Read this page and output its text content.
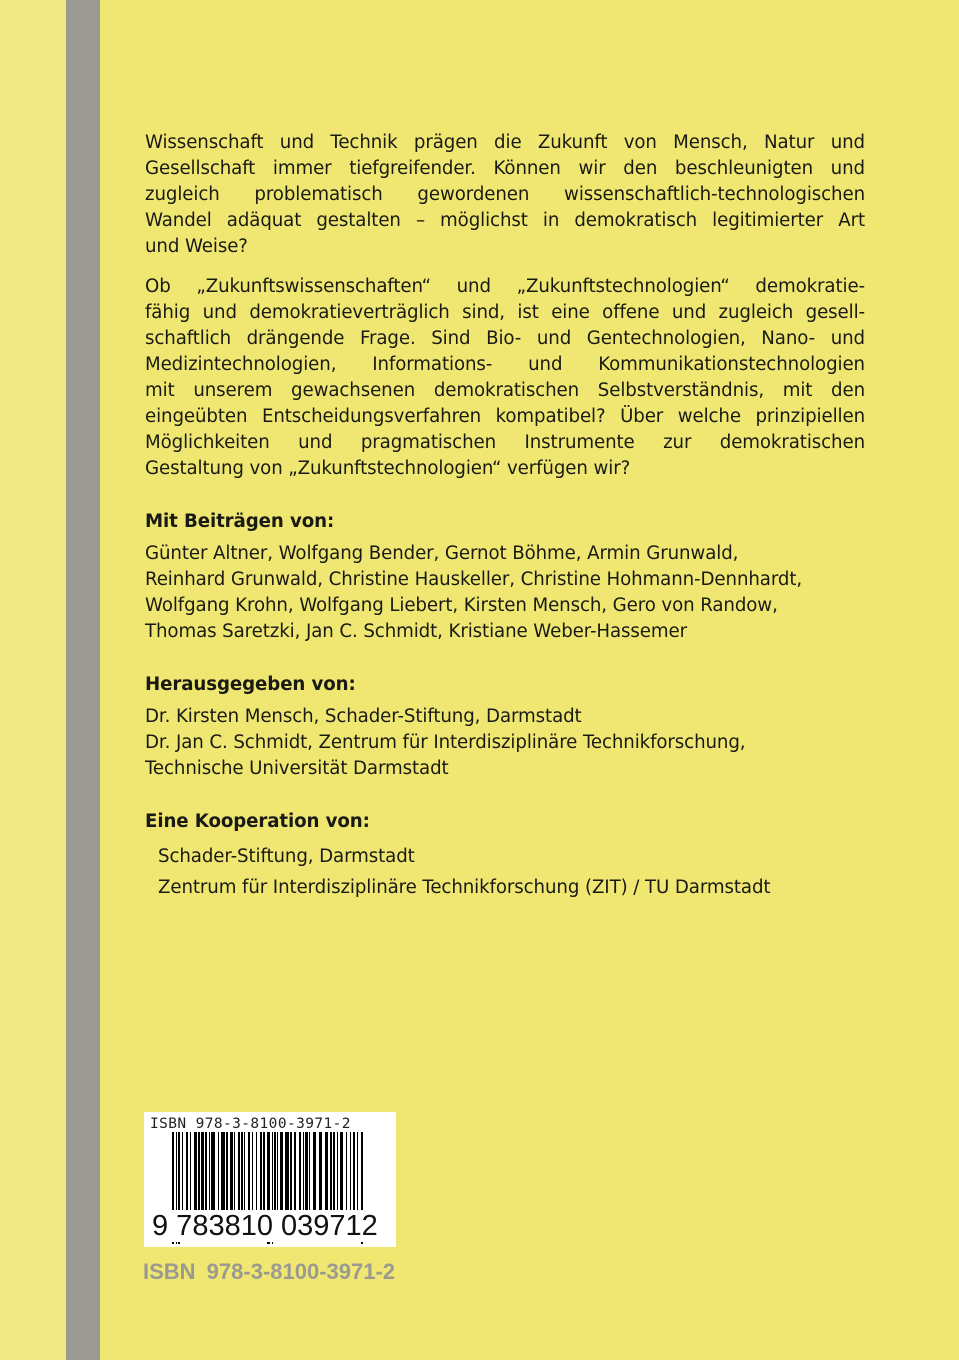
Wissenschaft und Technik prägen die Zukunft von Mensch, Natur und
Gesellschaft immer tiefgreifender. Können wir den beschleunigten und
zugleich problematisch gewordenen wissenschaftlich-technologischen
Wandel adäquat gestalten – möglichst in demokratisch legitimierter Art
und Weise?
Ob „Zukunftswissenschaften“ und „Zukunftstechnologien“ demokratie-
fähig und demokratieverträglich sind, ist eine offene und zugleich gesell-
schaftlich drängende Frage. Sind Bio- und Gentechnologien, Nano- und
Medizintechnologien, Informations- und Kommunikationstechnologien
mit unserem gewachsenen demokratischen Selbstverständnis, mit den
eingeübten Entscheidungsverfahren kompatibel? Über welche prinzipiellen
Möglichkeiten und pragmatischen Instrumente zur demokratischen
Gestaltung von „Zukunftstechnologien“ verfügen wir?
Mit Beiträgen von:
Günter Altner, Wolfgang Bender, Gernot Böhme, Armin Grunwald,
Reinhard Grunwald, Christine Hauskeller, Christine Hohmann-Dennhardt,
Wolfgang Krohn, Wolfgang Liebert, Kirsten Mensch, Gero von Randow,
Thomas Saretzki, Jan C. Schmidt, Kristiane Weber-Hassemer
Herausgegeben von:
Dr. Kirsten Mensch, Schader-Stiftung, Darmstadt
Dr. Jan C. Schmidt, Zentrum für Interdisziplinäre Technikforschung,
Technische Universität Darmstadt
Eine Kooperation von:
Schader-Stiftung, Darmstadt
Zentrum für Interdisziplinäre Technikforschung (ZIT) / TU Darmstadt
ISBN 978-3-8100-3971-2
9 783810 039712
ISBN 978-3-8100-3971-2
